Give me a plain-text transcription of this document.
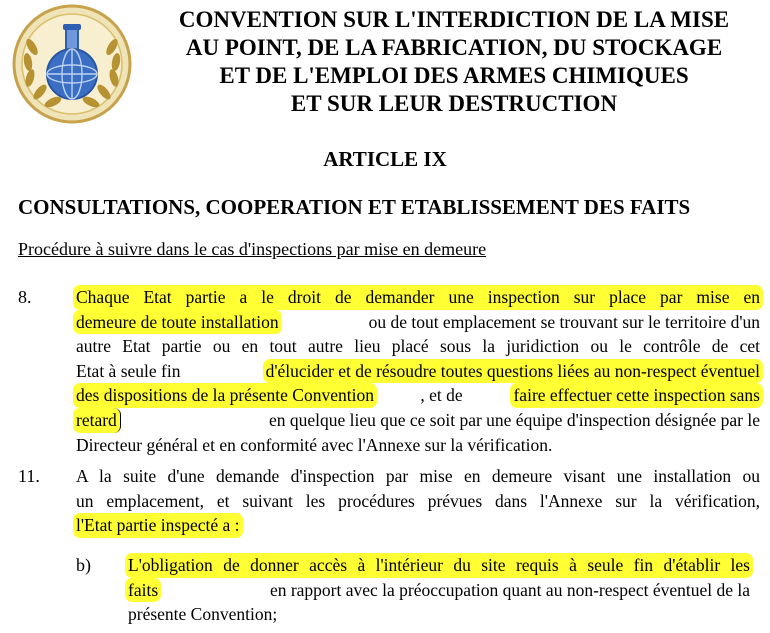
CONVENTION SUR L'INTERDICTION DE LA MISE
AU POINT, DE LA FABRICATION, DU STOCKAGE
ET DE L'EMPLOI DES ARMES CHIMIQUES
ET SUR LEUR DESTRUCTION
ARTICLE IX
CONSULTATIONS, COOPERATION ET ETABLISSEMENT DES FAITS
Procédure à suivre dans le cas d'inspections par mise en demeure
8.	Chaque Etat partie a le droit de demander une inspection sur place par mise en
demeure de toute installation	ou de tout emplacement se trouvant sur le territoire d'un
autre Etat partie ou en tout autre lieu placé sous la juridiction ou le contrôle de cet
Etat à seule fin	d'élucider et de résoudre toutes questions liées au non-respect éventuel
des dispositions de la présente Convention	, et de	faire effectuer cette inspection sans
retard	en quelque lieu que ce soit par une équipe d'inspection désignée par le
Directeur général et en conformité avec l'Annexe sur la vérification.
11. A la suite d'une demande d'inspection par mise en demeure visant une installation ou
un emplacement, et suivant les procédures prévues dans l'Annexe sur la vérification,
l'Etat partie inspecté a :
b) L'obligation de donner accès à l'intérieur du site requis à seule fin d'établir les
faits	en rapport avec la préoccupation quant au non-respect éventuel de la
présente Convention;
